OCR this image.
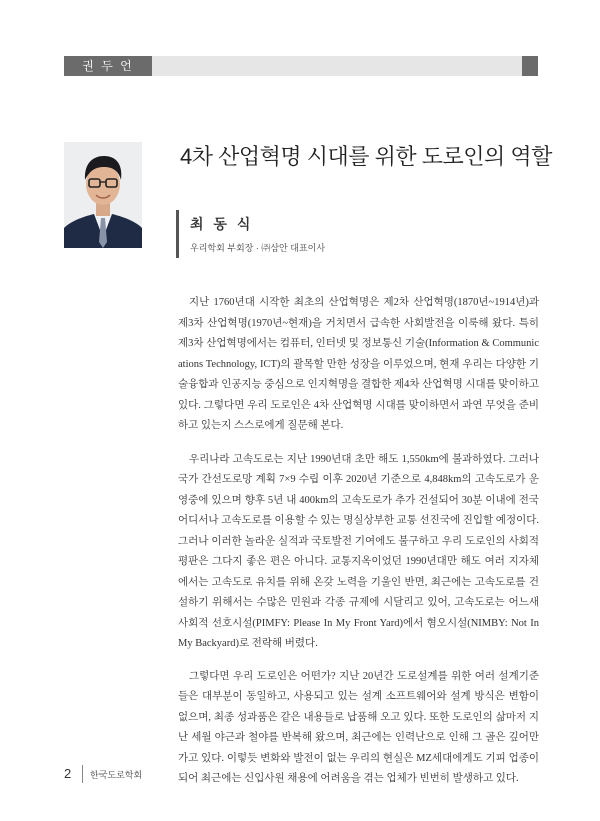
권 두 언
4차 산업혁명 시대를 위한 도로인의 역할
최 동 식
우리학회 부회장 · ㈜삼안 대표이사

지난 1760년대 시작한 최초의 산업혁명은 제2차 산업혁명(1870년~1914년)과 제3차 산업혁명(1970년~현재)을 거치면서 급속한 사회발전을 이룩해 왔다. 특히 제3차 산업혁명에서는 컴퓨터, 인터넷 및 정보통신 기술(Information & Communications Technology, ICT)의 괄목할 만한 성장을 이루었으며, 현재 우리는 다양한 기술융합과 인공지능 중심으로 인지혁명을 결합한 제4차 산업혁명 시대를 맞이하고 있다. 그렇다면 우리 도로인은 4차 산업혁명 시대를 맞이하면서 과연 무엇을 준비하고 있는지 스스로에게 질문해 본다.

우리나라 고속도로는 지난 1990년대 초만 해도 1,550km에 불과하였다. 그러나 국가 간선도로망 계획 7×9 수립 이후 2020년 기준으로 4,848km의 고속도로가 운영중에 있으며 향후 5년 내 400km의 고속도로가 추가 건설되어 30분 이내에 전국 어디서나 고속도로를 이용할 수 있는 명실상부한 교통 선진국에 진입할 예정이다. 그러나 이러한 놀라운 실적과 국토발전 기여에도 불구하고 우리 도로인의 사회적 평판은 그다지 좋은 편은 아니다. 교통지옥이었던 1990년대만 해도 여러 지자체에서는 고속도로 유치를 위해 온갖 노력을 기울인 반면, 최근에는 고속도로를 건설하기 위해서는 수많은 민원과 각종 규제에 시달리고 있어, 고속도로는 어느새 사회적 선호시설(PIMFY: Please In My Front Yard)에서 혐오시설(NIMBY: Not In My Backyard)로 전락해 버렸다.

그렇다면 우리 도로인은 어떤가? 지난 20년간 도로설계를 위한 여러 설계기준들은 대부분이 동일하고, 사용되고 있는 설계 소프트웨어와 설계 방식은 변함이 없으며, 최종 성과품은 같은 내용들로 납품해 오고 있다. 또한 도로인의 삶마저 지난 세월 야근과 철야를 반복해 왔으며, 최근에는 인력난으로 인해 그 골은 깊어만 가고 있다. 이렇듯 변화와 발전이 없는 우리의 현실은 MZ세대에게도 기피 업종이 되어 최근에는 신입사원 채용에 어려움을 겪는 업체가 빈번히 발생하고 있다.

2 한국도로학회
